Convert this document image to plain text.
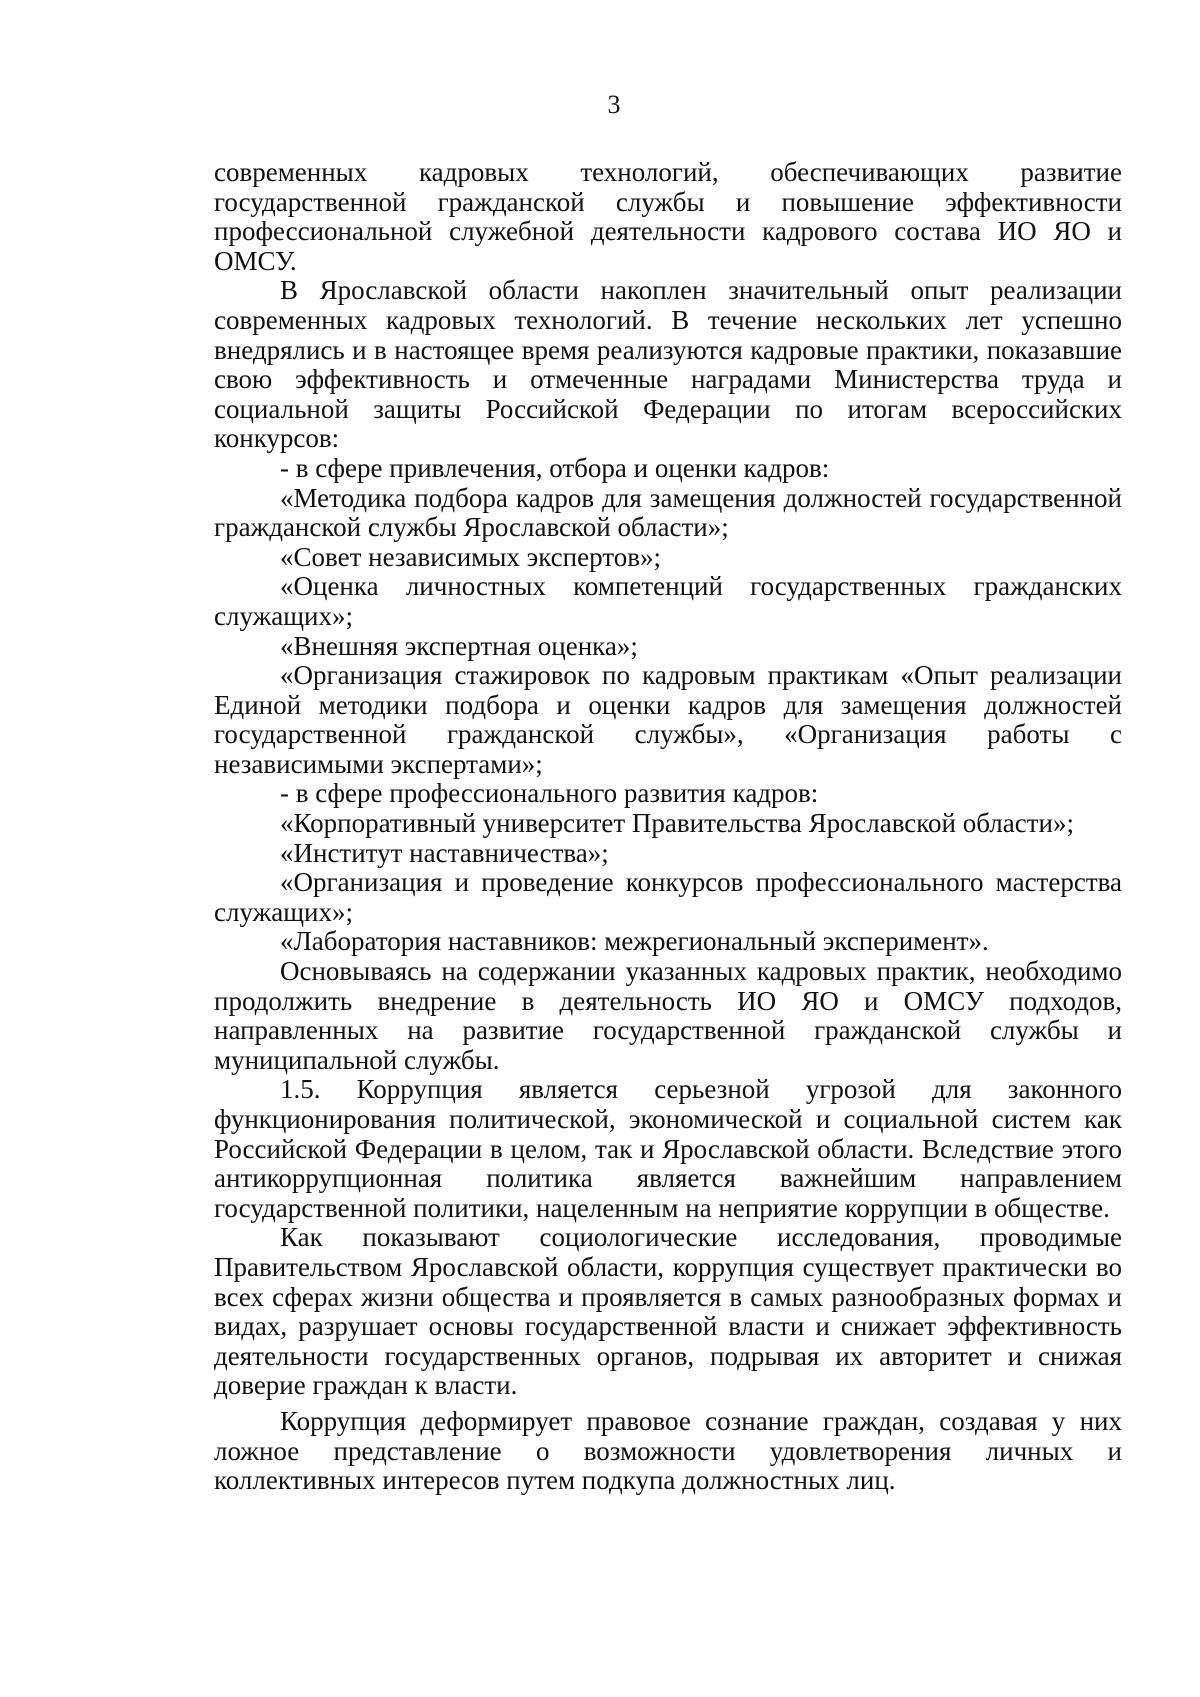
3

современных кадровых технологий, обеспечивающих развитие государственной гражданской службы и повышение эффективности профессиональной служебной деятельности кадрового состава ИО ЯО и ОМСУ.

В Ярославской области накоплен значительный опыт реализации современных кадровых технологий. В течение нескольких лет успешно внедрялись и в настоящее время реализуются кадровые практики, показавшие свою эффективность и отмеченные наградами Министерства труда и социальной защиты Российской Федерации по итогам всероссийских конкурсов:

- в сфере привлечения, отбора и оценки кадров:

«Методика подбора кадров для замещения должностей государственной гражданской службы Ярославской области»;

«Совет независимых экспертов»;

«Оценка личностных компетенций государственных гражданских служащих»;

«Внешняя экспертная оценка»;

«Организация стажировок по кадровым практикам «Опыт реализации Единой методики подбора и оценки кадров для замещения должностей государственной гражданской службы», «Организация работы с независимыми экспертами»;

- в сфере профессионального развития кадров:

«Корпоративный университет Правительства Ярославской области»;

«Институт наставничества»;

«Организация и проведение конкурсов профессионального мастерства служащих»;

«Лаборатория наставников: межрегиональный эксперимент».

Основываясь на содержании указанных кадровых практик, необходимо продолжить внедрение в деятельность ИО ЯО и ОМСУ подходов, направленных на развитие государственной гражданской службы и муниципальной службы.

1.5. Коррупция является серьезной угрозой для законного функционирования политической, экономической и социальной систем как Российской Федерации в целом, так и Ярославской области. Вследствие этого антикоррупционная политика является важнейшим направлением государственной политики, нацеленным на неприятие коррупции в обществе.

Как показывают социологические исследования, проводимые Правительством Ярославской области, коррупция существует практически во всех сферах жизни общества и проявляется в самых разнообразных формах и видах, разрушает основы государственной власти и снижает эффективность деятельности государственных органов, подрывая их авторитет и снижая доверие граждан к власти.

Коррупция деформирует правовое сознание граждан, создавая у них ложное представление о возможности удовлетворения личных и коллективных интересов путем подкупа должностных лиц.
